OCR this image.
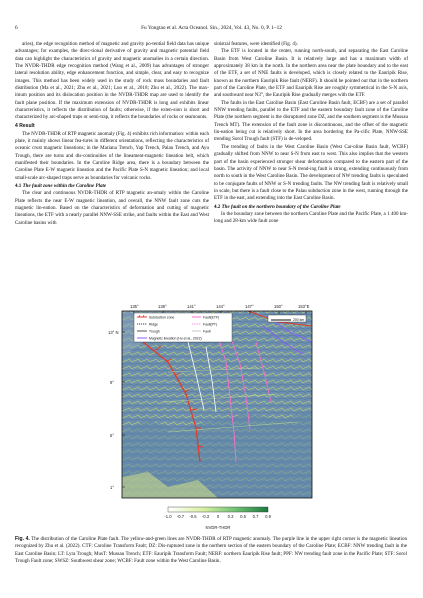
6	Fu Yongtao et al. Acta Oceanol. Sin., 2024, Vol. 43, No. 0, P. 1–12

aries), the edge recognition method of magnetic and gravity po-tential field data has unique advantages; for examples, the direc-tional derivative of gravity and magnetic potential field data can highlight the characteristics of gravity and magnetic anomalies in a certain direction. The NVDR-THDR edge recognition method (Wang et al., 2009) has advantages of stronger lateral resolution ability, edge enhancement function, and simple, clear, and easy to recognize images. This method has been widely used in the study of rock mass boundaries and fault distribution (Ma et al., 2021; Zhu et al., 2021; Luo et al., 2018; Zhu et al., 2022). The max-imum position and its dislocation position in the NVDR-THDR map are used to identify the fault plane position. If the maximum extension of NVDR-THDR is long and exhibits linear characteristics, it reflects the distribution of faults; otherwise, if the exten-sion is short and characterized by arc-shaped traps or semi-trap, it reflects the boundaries of rocks or seamounts.

4 Result

The NVDR-THDR of RTP magnetic anomaly (Fig. 4) exhibits rich information: within each plate, it mainly shows linear fea-tures in different orientations, reflecting the characteristics of oceanic crust magnetic lineations; in the Mariana Trench, Yap Trench, Palau Trench, and Ayu Trough, there are turns and dis-continuities of the lineament-magnetic lineation belt, which manifested their boundaries. In the Caroline Ridge area, there is a boundary between the Caroline Plate E-W magnetic lineation and the Pacific Plate S-N magnetic lineation; and local small-scale arc-shaped traps serve as boundaries for volcanic rocks.

4.1 The fault zone within the Caroline Plate

The clear and continuous NVDR-THDR of RTP magnetic an-omaly within the Caroline Plate reflects the near E-W magnetic lineation, and overall, the NNW fault zone cuts the magnetic lin-eation. Based on the characteristics of deformation and cutting of magnetic lineations, the ETF with a nearly parallel NNW-SSE strike, and faults within the East and West Caroline basins with

sinistral features, were identified (Fig. 4).

The ETF is located in the center, running north-south, and separating the East Caroline Basin from West Caroline Basin. It is relatively large and has a maximum width of approximately 38 km in the north. In the northern area near the plate boundary and to the east of the ETF, a set of NNE faults is developed, which is closely related to the Eauripik Rise, known as the northern Eauripik Rise fault (NERF). It should be pointed out that in the northern part of the Caroline Plate, the ETF and Eauripik Rise are roughly symmetrical in the S-N axis, and southward near N3°, the Eauripik Rise gradually merges with the ETF.

The faults in the East Caroline Basin (East Caroline Basin fault, ECBF) are a set of parallel NNW trending faults, parallel to the ETF and the eastern boundary fault zone of the Caroline Plate (the northern segment is the disruptured zone DZ, and the southern segment is the Mussau Trench MT). The extension of the fault zone is discontinuous, and the offset of the magnetic lin-eation being cut is relatively short. In the area bordering the Pa-cific Plate, NNW-SSE trending Sorol Trough fault (STF) is de-veloped.

The trending of faults in the West Caroline Basin (West Car-oline Basin fault, WCBF) gradually shifted from NNW to near S-N from east to west. This also implies that the western part of the basin experienced stronger shear deformation compared to the eastern part of the basin. The activity of NNW to near S-N trend-ing fault is strong, extending continuously from north to south in the West Caroline Basin. The development of NW trending faults is speculated to be conjugate faults of NNW or S-N trending faults. The NW trending fault is relatively small in scale, but there is a fault close to the Palau subduction zone in the west, running through the ETF in the east, and extending into the East Caroline Basin.

4.2 The fault on the northern boundary of the Caroline Plate

In the boundary zone between the northern Caroline Plate and the Pacific Plate, a 1 400 km-long and 28-km wide fault zone

135°	138°	141°	144°	147°	150°	153°E
13° N
9°
5°
1°
Subduction zone
Ridge
Trough
Magnetic lineation (Hu et al., 2022)
Fault(ETF)
Fault(PT)
Fault
200 km
-1.0 -0.7 -0.5 -0.3 0 0.3 0.5 0.7 0.9
NVDR-THDR
Fig. 4. The distribution of the Caroline Plate fault. The yellow-and-green lines are NVDR-THDR of RTP magnetic anomaly. The purple line in the upper right corner is the magnetic lineation recognized by Zhu et al. (2022). CTF: Caroline Transform Fault; DZ: Dis-ruptured zone in the northern section of the eastern boundary of the Caroline Plate; ECBF: NNW trending fault in the East Caroline Basin; LT: Lyra Trough; MusT: Mussau Trench; ETF: Eauripik Transform Fault; NERF: northern Eauripik Rise fault; PPF: NW trending fault zone in the Pacific Plate; STF: Sorol Trough Fault zone; SWSZ: Southwest shear zone; WCBF: Fault zone within the West Caroline Basin.
